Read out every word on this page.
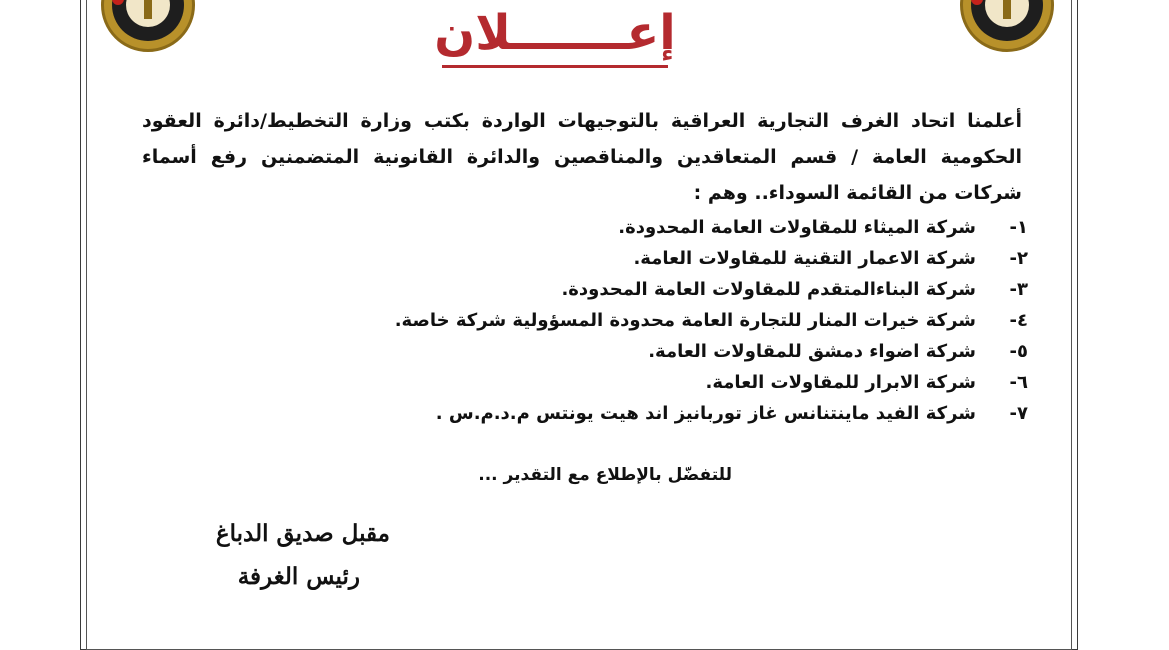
إعـــــــلان
أعلمنا اتحاد الغرف التجارية العراقية بالتوجيهات الواردة بكتب وزارة التخطيط/دائرة العقود الحكومية العامة / قسم المتعاقدين والمناقصين والدائرة القانونية المتضمنين رفع أسماء شركات من القائمة السوداء.. وهم :
١-شركة الميثاء للمقاولات العامة المحدودة.
٢-شركة الاعمار التقنية للمقاولات العامة.
٣-شركة البناءالمتقدم للمقاولات العامة المحدودة.
٤-شركة خيرات المنار للتجارة العامة محدودة المسؤولية شركة خاصة.
٥-شركة اضواء دمشق للمقاولات العامة.
٦-شركة الابرار للمقاولات العامة.
٧-شركة الفيد ماينتنانس غاز توربانيز اند هيت يونتس م.د.م.س .
للتفضّل بالإطلاع مع التقدير ...
مقبل صديق الدباغ
رئيس الغرفة
